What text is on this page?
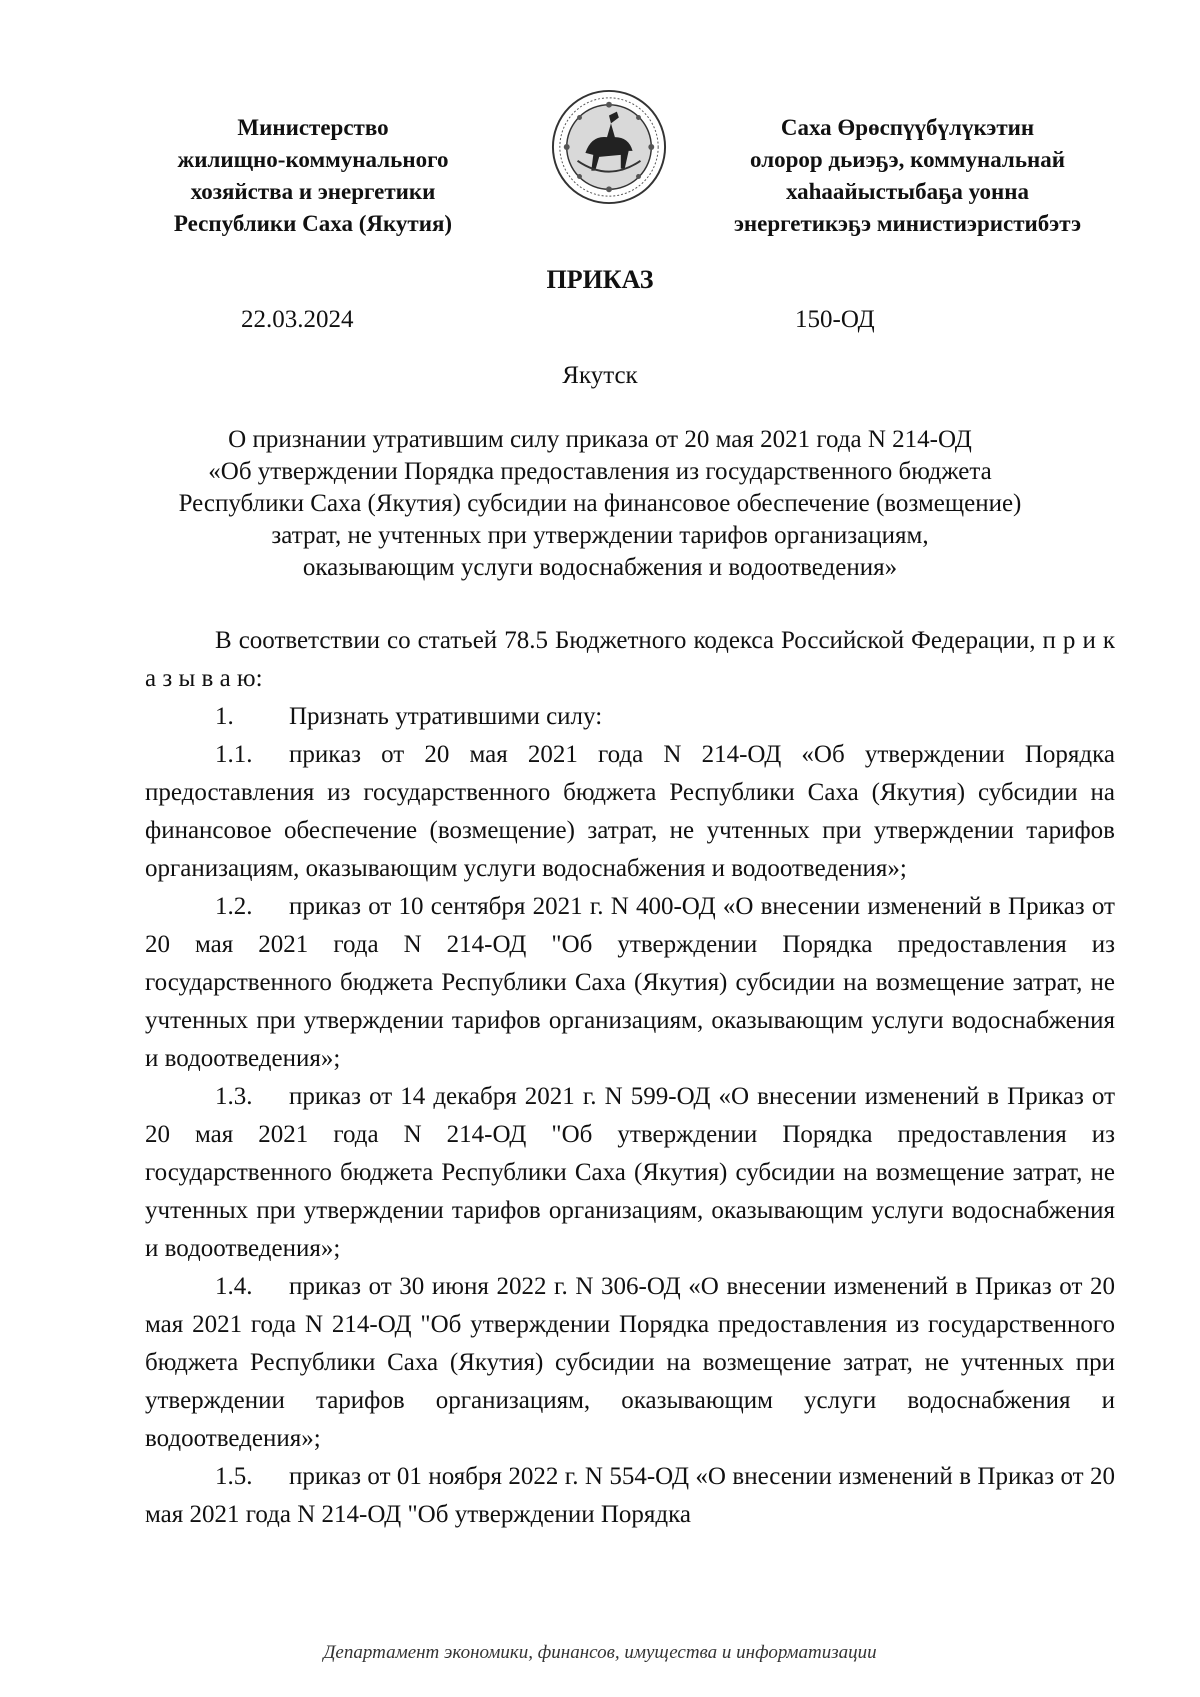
Министерство
жилищно-коммунального
хозяйства и энергетики
Республики Саха (Якутия)
Саха Өрөспүүбүлүкэтин
олорор дьиэҕэ, коммунальнай
хаһаайыстыбаҕа уонна
энергетикэҕэ министиэристибэтэ
ПРИКАЗ
22.03.2024	150-ОД
Якутск
О признании утратившим силу приказа от 20 мая 2021 года N 214-ОД
«Об утверждении Порядка предоставления из государственного бюджета
Республики Саха (Якутия) субсидии на финансовое обеспечение (возмещение)
затрат, не учтенных при утверждении тарифов организациям,
оказывающим услуги водоснабжения и водоотведения»

В соответствии со статьей 78.5 Бюджетного кодекса Российской Федерации, п р и к а з ы в а ю:

1. Признать утратившими силу:

1.1. приказ от 20 мая 2021 года N 214-ОД «Об утверждении Порядка предоставления из государственного бюджета Республики Саха (Якутия) субсидии на финансовое обеспечение (возмещение) затрат, не учтенных при утверждении тарифов организациям, оказывающим услуги водоснабжения и водоотведения»;

1.2. приказ от 10 сентября 2021 г. N 400-ОД «О внесении изменений в Приказ от 20 мая 2021 года N 214-ОД "Об утверждении Порядка предоставления из государственного бюджета Республики Саха (Якутия) субсидии на возмещение затрат, не учтенных при утверждении тарифов организациям, оказывающим услуги водоснабжения и водоотведения»;

1.3. приказ от 14 декабря 2021 г. N 599-ОД «О внесении изменений в Приказ от 20 мая 2021 года N 214-ОД "Об утверждении Порядка предоставления из государственного бюджета Республики Саха (Якутия) субсидии на возмещение затрат, не учтенных при утверждении тарифов организациям, оказывающим услуги водоснабжения и водоотведения»;

1.4. приказ от 30 июня 2022 г. N 306-ОД «О внесении изменений в Приказ от 20 мая 2021 года N 214-ОД "Об утверждении Порядка предоставления из государственного бюджета Республики Саха (Якутия) субсидии на возмещение затрат, не учтенных при утверждении тарифов организациям, оказывающим услуги водоснабжения и водоотведения»;

1.5. приказ от 01 ноября 2022 г. N 554-ОД «О внесении изменений в Приказ от 20 мая 2021 года N 214-ОД "Об утверждении Порядка

Департамент экономики, финансов, имущества и информатизации
